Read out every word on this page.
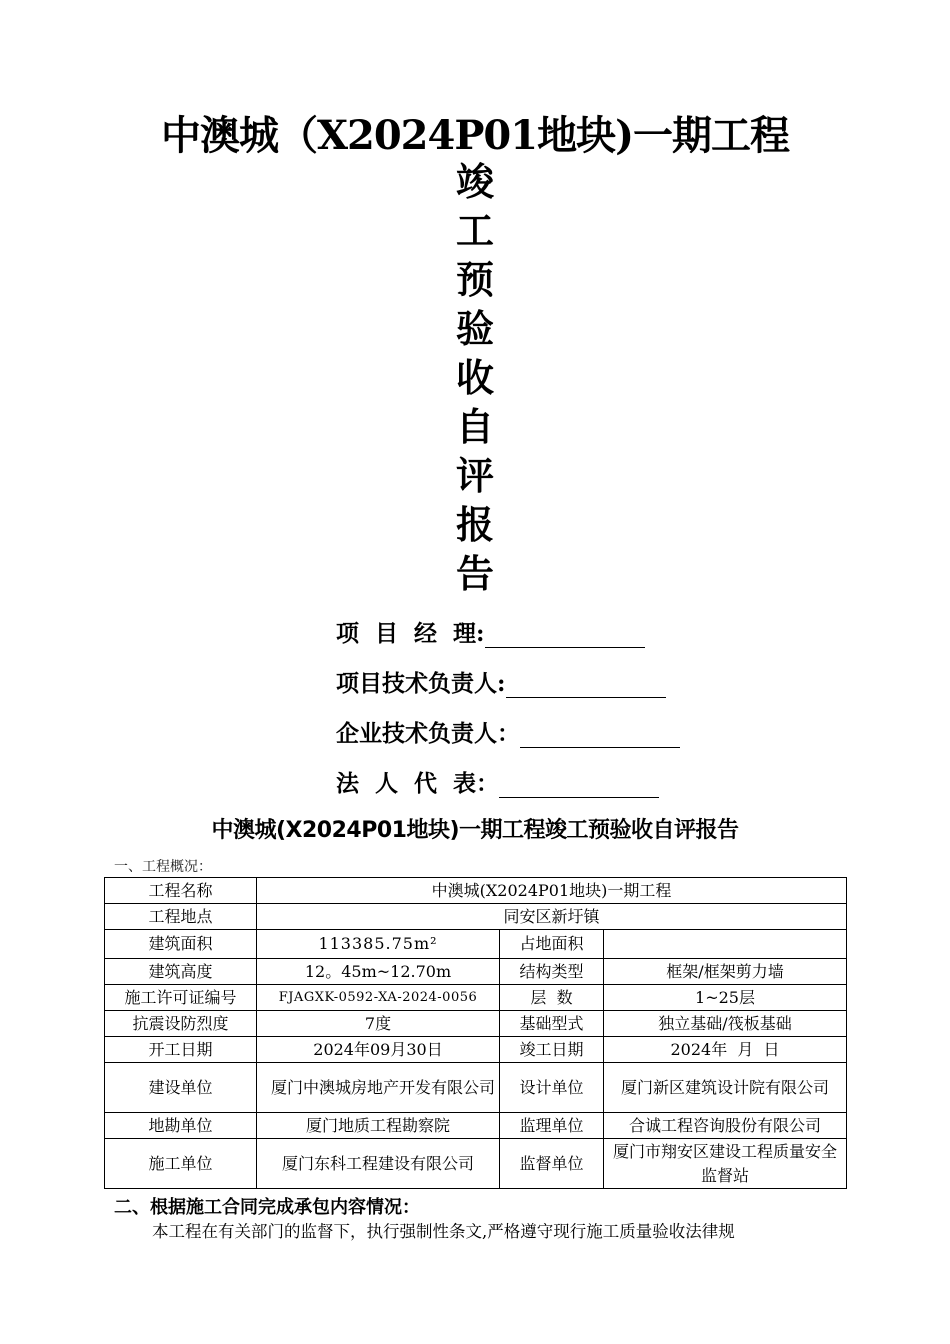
中澳城（X2024P01地块)一期工程
竣
工
预
验
收
自
评
报
告
项  目  经  理:
项目技术负责人:
企业技术负责人：
法  人  代  表：
中澳城(X2024P01地块)一期工程竣工预验收自评报告
一、工程概况：
工程名称	中澳城(X2024P01地块)一期工程		
工程地点	同安区新圩镇		
建筑面积	113385.75m²	占地面积	
建筑高度	12。45m~12.70m	结构类型	框架/框架剪力墙
施工许可证编号	FJAGXK-0592-XA-2024-0056	层  数	1~25层
抗震设防烈度	7度	基础型式	独立基础/筏板基础
开工日期	2024年09月30日	竣工日期	2024年  月  日
建设单位	厦门中澳城房地产开发有限公司	设计单位	厦门新区建筑设计院有限公司
地勘单位	厦门地质工程勘察院	监理单位	合诚工程咨询股份有限公司
施工单位	厦门东科工程建设有限公司	监督单位	厦门市翔安区建设工程质量安全监督站
二、根据施工合同完成承包内容情况：
本工程在有关部门的监督下，执行强制性条文,严格遵守现行施工质量验收法律规
